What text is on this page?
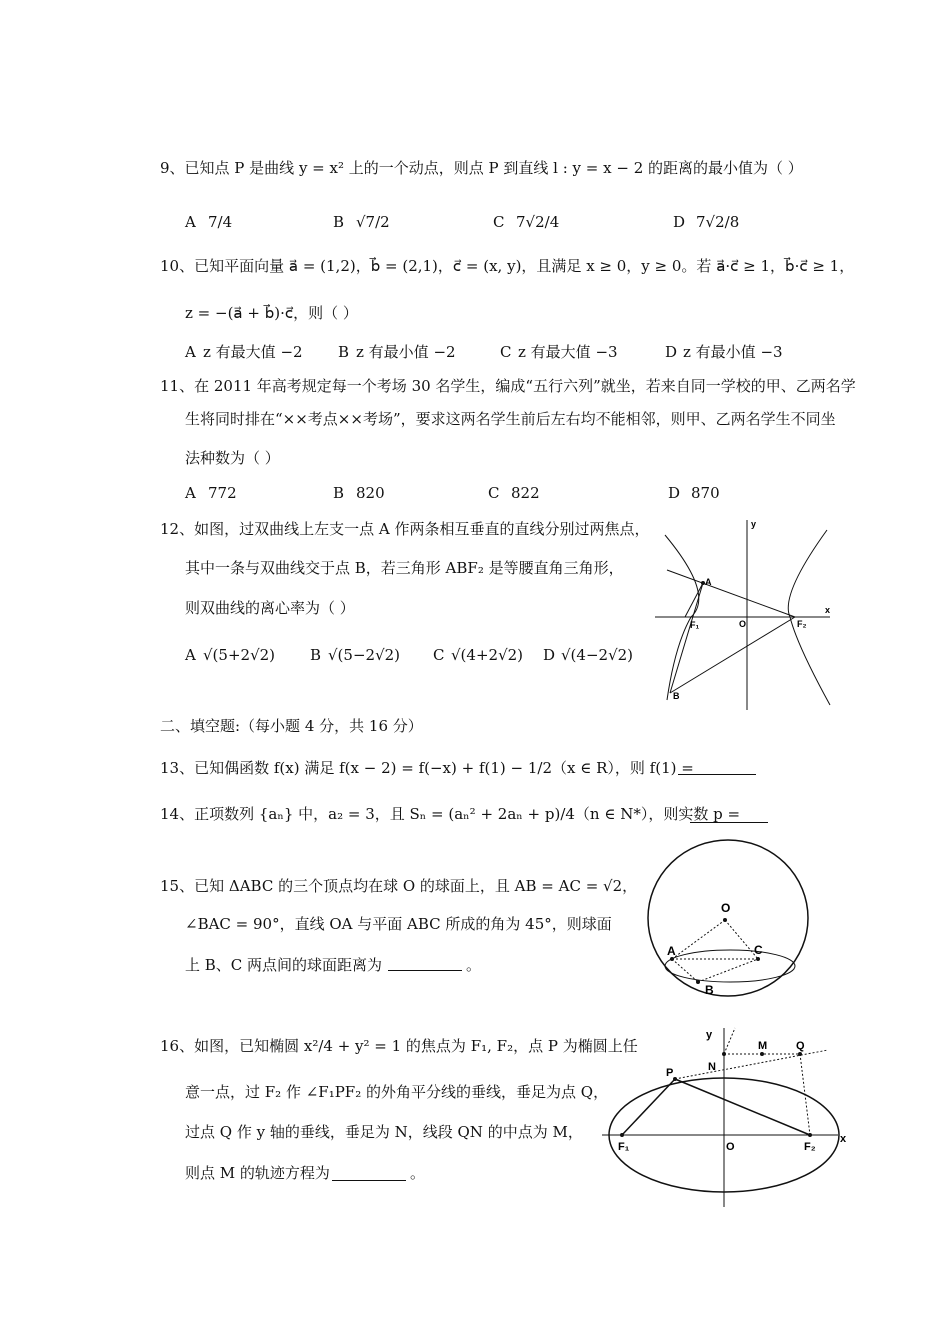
9、已知点 P 是曲线 y = x² 上的一个动点，则点 P 到直线 l : y = x − 2 的距离的最小值为（ ）
A 7/4	B √7/2	C 7√2/4	D 7√2/8
10、已知平面向量 a⃗ = (1,2)，b⃗ = (2,1)，c⃗ = (x, y)，且满足 x ≥ 0，y ≥ 0。若 a⃗·c⃗ ≥ 1，b⃗·c⃗ ≥ 1，
z = −(a⃗ + b⃗)·c⃗，则（ ）
A z 有最大值 −2 B z 有最小值 −2	C z 有最大值 −3	D z 有最小值 −3
11、在 2011 年高考规定每一个考场 30 名学生，编成“五行六列”就坐，若来自同一学校的甲、乙两名学
生将同时排在“××考点××考场”，要求这两名学生前后左右均不能相邻，则甲、乙两名学生不同坐
法种数为（ ）
A 772	B 820	C 822	D 870
12、如图，过双曲线上左支一点 A 作两条相互垂直的直线分别过两焦点，
其中一条与双曲线交于点 B，若三角形 ABF₂ 是等腰直角三角形，
则双曲线的离心率为（ ）
A √(5+2√2) B √(5−2√2) C √(4+2√2) D √(4−2√2)
A
B
F₁	O	F₂
y
x
二、填空题:（每小题 4 分，共 16 分）
13、已知偶函数 f(x) 满足 f(x − 2) = f(−x) + f(1) − 1/2（x ∈ R），则 f(1) =
14、正项数列 {aₙ} 中，a₂ = 3，且 Sₙ = (aₙ² + 2aₙ + p)/4（n ∈ N*），则实数 p =
15、已知 ΔABC 的三个顶点均在球 O 的球面上，且 AB = AC = √2，
∠BAC = 90°，直线 OA 与平面 ABC 所成的角为 45°，则球面
上 B、C 两点间的球面距离为	。
O
A	C
B
16、如图，已知椭圆 x²/4 + y² = 1 的焦点为 F₁, F₂，点 P 为椭圆上任
意一点，过 F₂ 作 ∠F₁PF₂ 的外角平分线的垂线，垂足为点 Q，
过点 Q 作 y 轴的垂线，垂足为 N，线段 QN 的中点为 M，
则点 M 的轨迹方程为	。
y
x
P	N
M	Q
O
F₁	F₂
